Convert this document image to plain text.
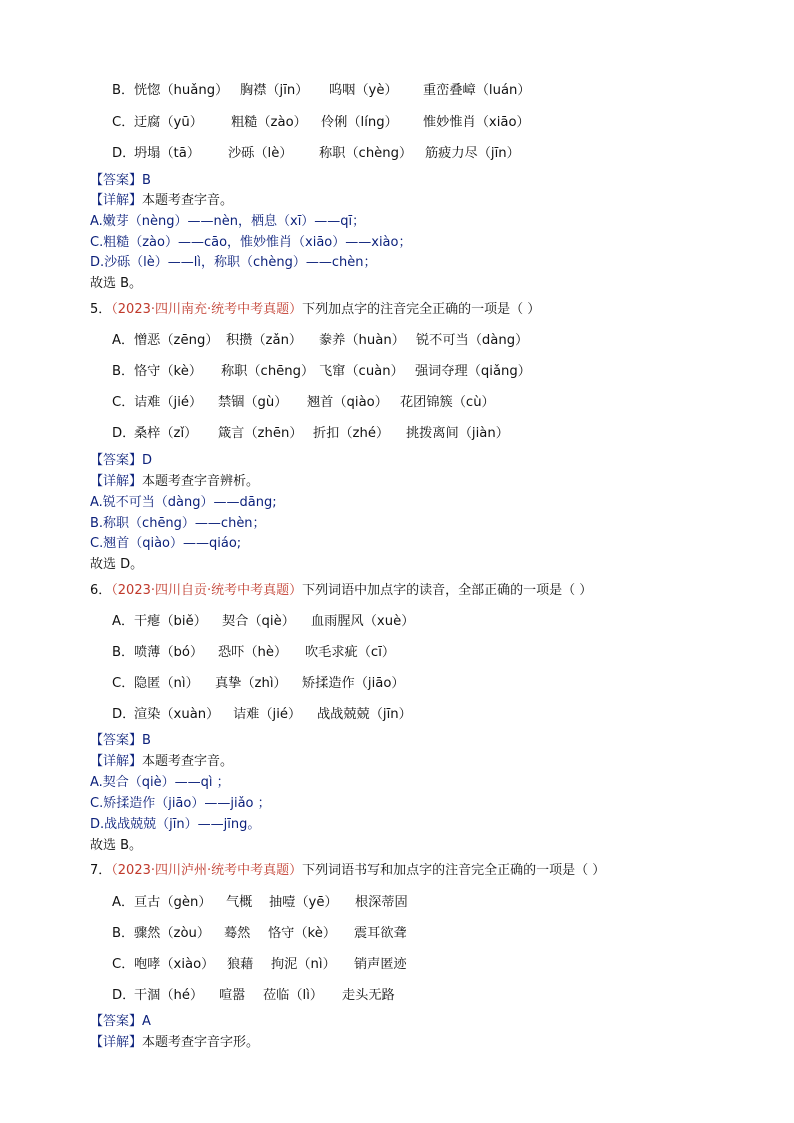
B． 恍惚（huǎng） 胸襟（jīn） 呜咽（yè） 重峦叠嶂（luán）
C． 迂腐（yū） 粗糙（zào） 伶俐（líng） 惟妙惟肖（xiāo）
D．
坍塌（tā） 沙砾（lè） 称职（chèng） 筋疲力尽（jīn）
【答案】B
【详解】本题考查字音。
A.嫩芽（nèng）——nèn，栖息（xī）——qī；
C.粗糙（zào）——cāo，惟妙惟肖（xiāo）——xiào；
D.沙砾（lè）——lì，称职（chèng）——chèn；
故选 B。
5．（2023·四川南充·统考中考真题）下列加点字的注音完全正确的一项是（ ）
A． 憎恶（zēng） 积攒（zǎn） 豢养（huàn） 锐不可当（dàng）
B． 恪守（kè） 称职（chēng） 飞窜（cuàn） 强词夺理（qiǎng）
C． 诘难（jié） 禁锢（gù） 翘首（qiào） 花团锦簇（cù）
D．
桑梓（zǐ） 箴言（zhēn） 折扣（zhé） 挑拨离间（jiàn）
【答案】D
【详解】本题考查字音辨析。
A.锐不可当（dàng）——dāng;
B.称职（chēng）——chèn；
C.翘首（qiào）——qiáo;
故选 D。
6．（2023·四川自贡·统考中考真题）下列词语中加点字的读音，全部正确的一项是（ ）
A． 干瘪（biě） 契合（qiè） 血雨腥风（xuè）
B． 喷薄（bó） 恐吓（hè） 吹毛求疵（cī）
C． 隐匿（nì） 真挚（zhì） 矫揉造作（jiāo）
D．
渲染（xuàn） 诘难（jié） 战战兢兢（jīn）
【答案】B
【详解】本题考查字音。
A.契合（qiè）——qì ；
C.矫揉造作（jiāo）——jiǎo ；
D.战战兢兢（jīn）——jīng。
故选 B。
7．（2023·四川泸州·统考中考真题）下列词语书写和加点字的注音完全正确的一项是（ ）
A． 亘古（gèn） 气概 抽噎（yē） 根深蒂固
B． 骤然（zòu） 蓦然 恪守（kè） 震耳欲聋
C． 咆哮（xiào） 狼藉 拘泥（nì） 销声匿迹
D．
干涸（hé） 喧嚣 莅临（lì） 走头无路
【答案】A
【详解】本题考查字音字形。
